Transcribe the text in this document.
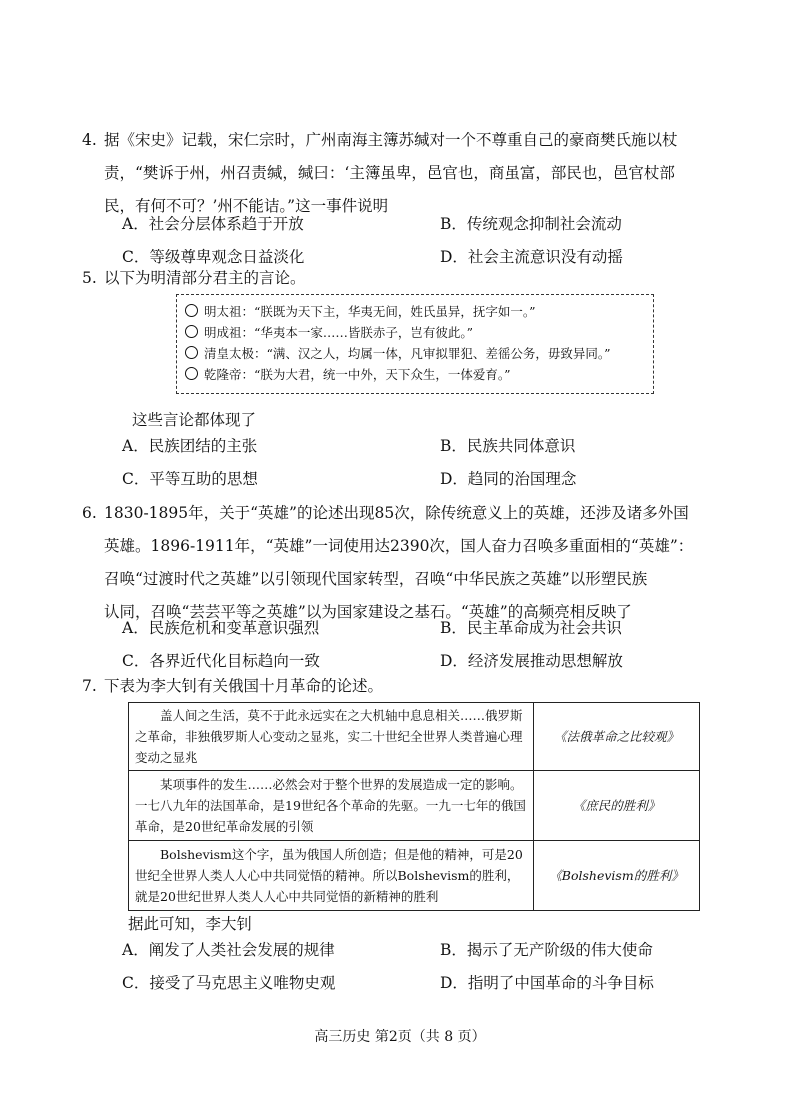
4. 据《宋史》记载，宋仁宗时，广州南海主簿苏缄对一个不尊重自己的豪商樊氏施以杖
责，“樊诉于州，州召责缄，缄曰：‘主簿虽卑，邑官也，商虽富，部民也，邑官杖部
民，有何不可？’州不能诘。”这一事件说明
A．社会分层体系趋于开放	B．传统观念抑制社会流动
C．等级尊卑观念日益淡化	D．社会主流意识没有动摇
5. 以下为明清部分君主的言论。
明太祖：“朕既为天下主，华夷无间，姓氏虽异，抚字如一。”
明成祖：“华夷本一家……皆朕赤子，岂有彼此。”
清皇太极：“满、汉之人，均属一体，凡审拟罪犯、差徭公务，毋致异同。”
乾隆帝：“朕为大君，统一中外，天下众生，一体爱育。”
这些言论都体现了
A．民族团结的主张	B．民族共同体意识
C．平等互助的思想	D．趋同的治国理念
6. 1830-1895年，关于“英雄”的论述出现85次，除传统意义上的英雄，还涉及诸多外国
英雄。1896-1911年，“英雄”一词使用达2390次，国人奋力召唤多重面相的“英雄”：
召唤“过渡时代之英雄”以引领现代国家转型，召唤“中华民族之英雄”以形塑民族
认同，召唤“芸芸平等之英雄”以为国家建设之基石。“英雄”的高频亮相反映了
A．民族危机和变革意识强烈	B．民主革命成为社会共识
C．各界近代化目标趋向一致	D．经济发展推动思想解放
7. 下表为李大钊有关俄国十月革命的论述。
盖人间之生活，莫不于此永远实在之大机轴中息息相关……俄罗斯之革命，非独俄罗斯人心变动之显兆，实二十世纪全世界人类普遍心理变动之显兆	《法俄革命之比较观》
某项事件的发生……必然会对于整个世界的发展造成一定的影响。一七八九年的法国革命，是19世纪各个革命的先驱。一九一七年的俄国革命，是20世纪革命发展的引领	《庶民的胜利》
Bolshevism这个字，虽为俄国人所创造；但是他的精神，可是20世纪全世界人类人人心中共同觉悟的精神。所以Bolshevism的胜利，就是20世纪世界人类人人心中共同觉悟的新精神的胜利	《Bolshevism的胜利》
据此可知，李大钊
A．阐发了人类社会发展的规律	B．揭示了无产阶级的伟大使命
C．接受了马克思主义唯物史观	D．指明了中国革命的斗争目标
高三历史 第2页（共 8 页）
